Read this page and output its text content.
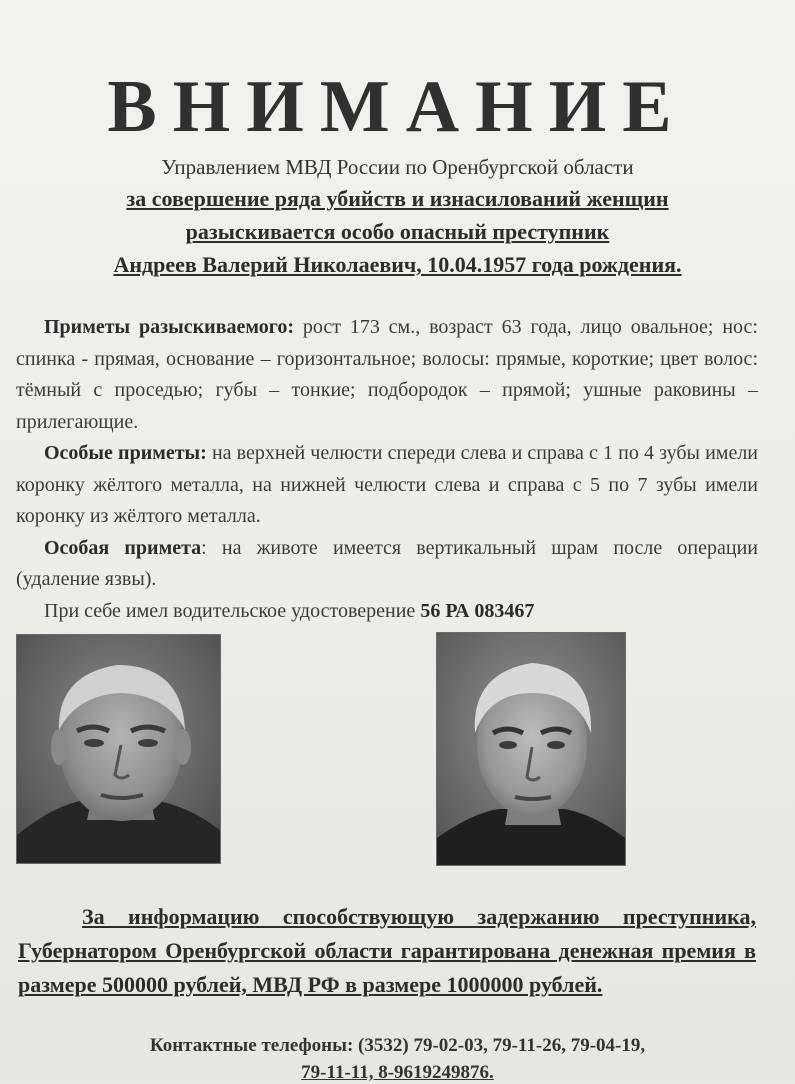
ВНИМАНИЕ
Управлением МВД России по Оренбургской области
за совершение ряда убийств и изнасилований женщин
разыскивается особо опасный преступник
Андреев Валерий Николаевич, 10.04.1957 года рождения.

Приметы разыскиваемого: рост 173 см., возраст 63 года, лицо овальное; нос: спинка - прямая, основание – горизонтальное; волосы: прямые, короткие; цвет волос: тёмный с проседью; губы – тонкие; подбородок – прямой; ушные раковины – прилегающие.

Особые приметы: на верхней челюсти спереди слева и справа с 1 по 4 зубы имели коронку жёлтого металла, на нижней челюсти слева и справа с 5 по 7 зубы имели коронку из жёлтого металла.

Особая примета: на животе имеется вертикальный шрам после операции (удаление язвы).

При себе имел водительское удостоверение 56 РА 083467

За информацию способствующую задержанию преступника, Губернатором Оренбургской области гарантирована денежная премия в размере 500000 рублей, МВД РФ в размере 1000000 рублей.
Контактные телефоны: (3532) 79-02-03, 79-11-26, 79-04-19,
79-11-11, 8-9619249876.
